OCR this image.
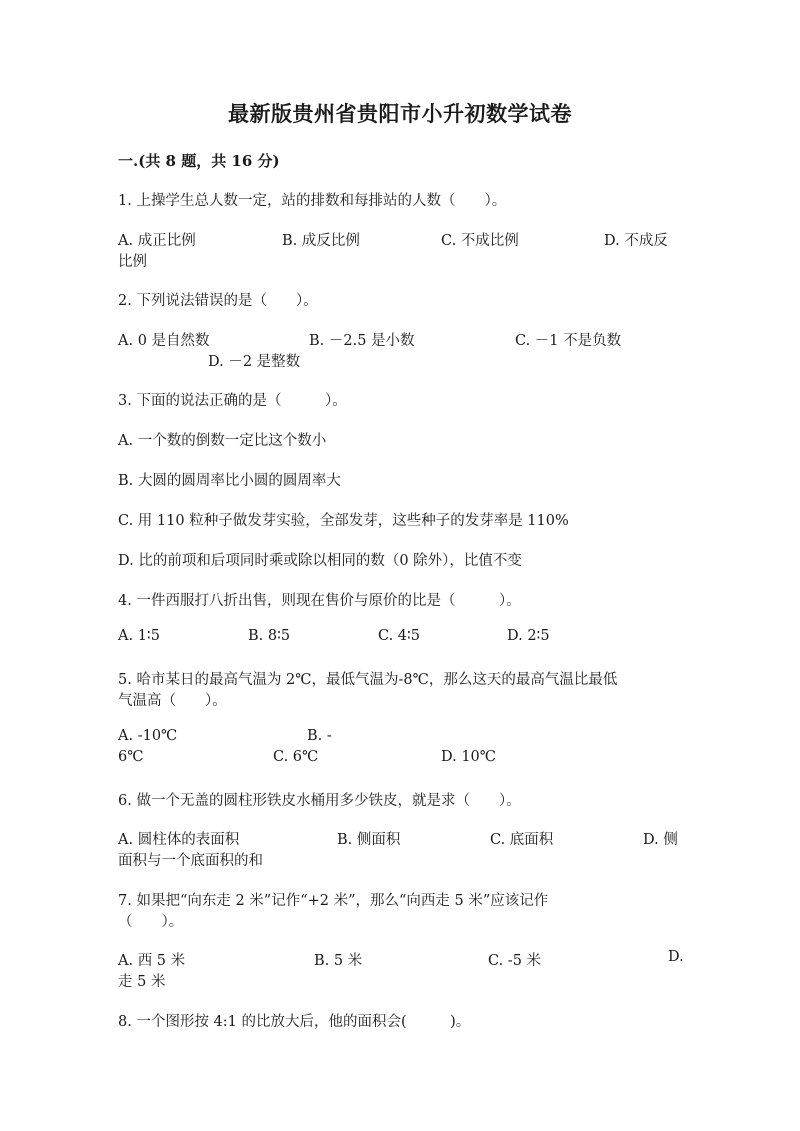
最新版贵州省贵阳市小升初数学试卷
一.(共 8 题，共 16 分)
1. 上操学生总人数一定，站的排数和每排站的人数（　　）。
A. 成正比例	B. 成反比例	C. 不成比例	D. 不成反
比例
2. 下列说法错误的是（　　）。
A. 0 是自然数	B. －2.5 是小数	C. －1 不是负数
D. －2 是整数
3. 下面的说法正确的是（　　　）。
A. 一个数的倒数一定比这个数小
B. 大圆的圆周率比小圆的圆周率大
C. 用 110 粒种子做发芽实验，全部发芽，这些种子的发芽率是 110%
D. 比的前项和后项同时乘或除以相同的数（0 除外），比值不变
4. 一件西服打八折出售，则现在售价与原价的比是（　　　）。
A. 1∶5	B. 8∶5	C. 4∶5	D. 2∶5
5. 哈市某日的最高气温为 2℃，最低气温为-8℃，那么这天的最高气温比最低
气温高（　　）。
A. -10℃	B. -
6℃	C. 6℃	D. 10℃
6. 做一个无盖的圆柱形铁皮水桶用多少铁皮，就是求（　　）。
A. 圆柱体的表面积	B. 侧面积	C. 底面积	D. 侧
面积与一个底面积的和
7. 如果把“向东走 2 米”记作“+2 米”，那么“向西走 5 米”应该记作
（　　）。
A. 西 5 米	B. 5 米	C. -5 米	D.
走 5 米
8. 一个图形按 4:1 的比放大后，他的面积会(　　　)。
